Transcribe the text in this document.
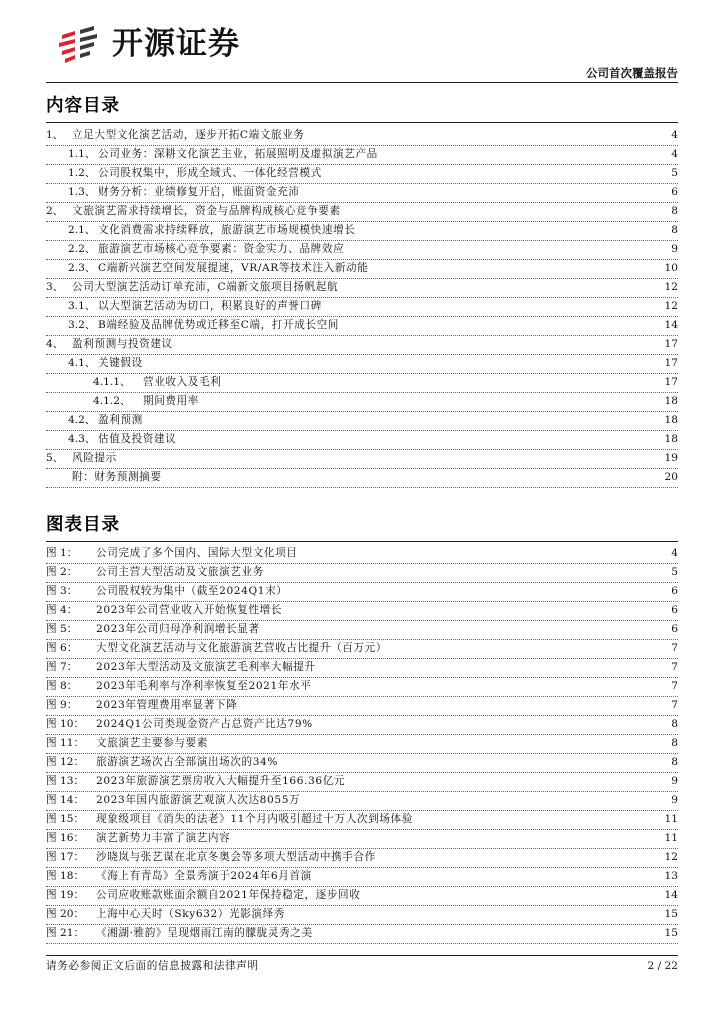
开源证券
公司首次覆盖报告
内容目录
1、 立足大型文化演艺活动，逐步开拓C端文旅业务	4
1.1、 公司业务：深耕文化演艺主业，拓展照明及虚拟演艺产品	4
1.2、 公司股权集中，形成全域式、一体化经营模式	5
1.3、 财务分析：业绩修复开启，账面资金充沛	6
2、 文旅演艺需求持续增长，资金与品牌构成核心竞争要素	8
2.1、 文化消费需求持续释放，旅游演艺市场规模快速增长	8
2.2、 旅游演艺市场核心竞争要素：资金实力、品牌效应	9
2.3、 C端新兴演艺空间发展提速，VR/AR等技术注入新动能	10
3、 公司大型演艺活动订单充沛，C端新文旅项目扬帆起航	12
3.1、 以大型演艺活动为切口，积累良好的声誉口碑	12
3.2、 B端经验及品牌优势或迁移至C端，打开成长空间	14
4、 盈利预测与投资建议	17
4.1、 关键假设	17
4.1.1、	营业收入及毛利	17
4.1.2、	期间费用率	18
4.2、 盈利预测	18
4.3、 估值及投资建议	18
5、 风险提示	19
附：财务预测摘要	20
图表目录
图 1：	公司完成了多个国内、国际大型文化项目	4
图 2：	公司主营大型活动及文旅演艺业务	5
图 3：	公司股权较为集中（截至2024Q1末）	6
图 4：	2023年公司营业收入开始恢复性增长	6
图 5：	2023年公司归母净利润增长显著	6
图 6：	大型文化演艺活动与文化旅游演艺营收占比提升（百万元）	7
图 7：	2023年大型活动及文旅演艺毛利率大幅提升	7
图 8：	2023年毛利率与净利率恢复至2021年水平	7
图 9：	2023年管理费用率显著下降	7
图 10：	2024Q1公司类现金资产占总资产比达79%	8
图 11：	文旅演艺主要参与要素	8
图 12：	旅游演艺场次占全部演出场次的34%	8
图 13：	2023年旅游演艺票房收入大幅提升至166.36亿元	9
图 14：	2023年国内旅游演艺观演人次达8055万	9
图 15：	现象级项目《消失的法老》11个月内吸引超过十万人次到场体验	11
图 16：	演艺新势力丰富了演艺内容	11
图 17：	沙晓岚与张艺谋在北京冬奥会等多项大型活动中携手合作	12
图 18：	《海上有青岛》全景秀演于2024年6月首演	13
图 19：	公司应收账款账面余额自2021年保持稳定，逐步回收	14
图 20：	上海中心天时（Sky632）光影演绎秀	15
图 21：	《湘湖·雅韵》呈现烟雨江南的朦胧灵秀之美	15
请务必参阅正文后面的信息披露和法律声明	2 / 22
